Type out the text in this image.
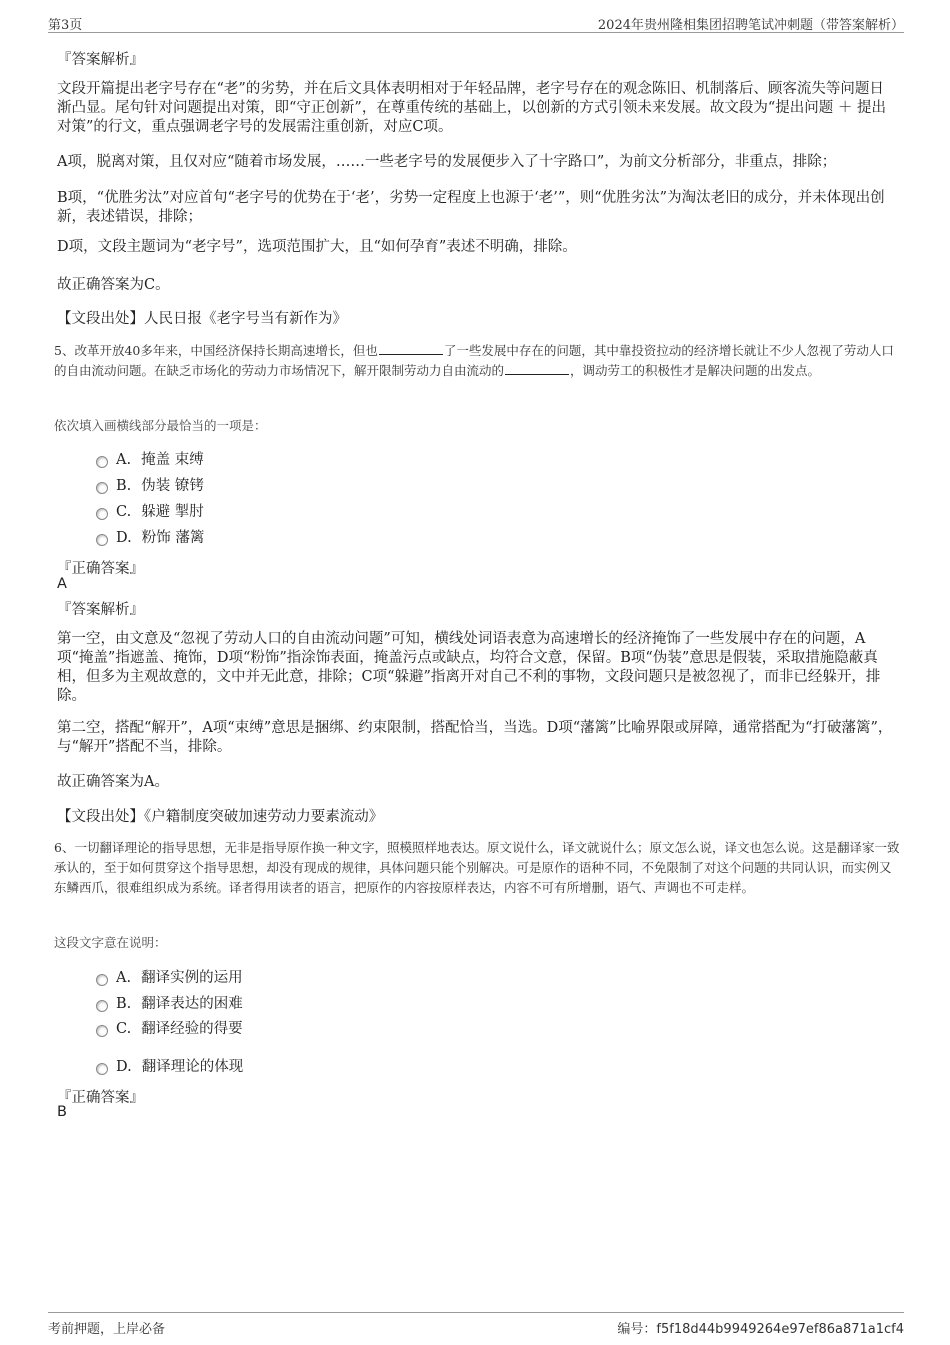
第3页	2024年贵州隆相集团招聘笔试冲刺题（带答案解析）
『答案解析』
文段开篇提出老字号存在“老”的劣势，并在后文具体表明相对于年轻品牌，老字号存在的观念陈旧、机制落后、顾客流失等问题日渐凸显。尾句针对问题提出对策，即“守正创新”，在尊重传统的基础上，以创新的方式引领未来发展。故文段为“提出问题 ＋ 提出对策”的行文，重点强调老字号的发展需注重创新，对应C项。
A项，脱离对策，且仅对应“随着市场发展，……一些老字号的发展便步入了十字路口”，为前文分析部分，非重点，排除；
B项，“优胜劣汰”对应首句“老字号的优势在于‘老’，劣势一定程度上也源于‘老’”，则“优胜劣汰”为淘汰老旧的成分，并未体现出创新，表述错误，排除；
D项，文段主题词为“老字号”，选项范围扩大，且“如何孕育”表述不明确，排除。
故正确答案为C。
【文段出处】人民日报《老字号当有新作为》
5、改革开放40多年来，中国经济保持长期高速增长，但也	了一些发展中存在的问题，其中靠投资拉动的经济增长就让不少人忽视了劳动人口的自由流动问题。在缺乏市场化的劳动力市场情况下，解开限制劳动力自由流动的	，调动劳工的积极性才是解决问题的出发点。
依次填入画横线部分最恰当的一项是：
A. 掩盖 束缚
B. 伪装 镣铐
C. 躲避 掣肘
D. 粉饰 藩篱
『正确答案』
A
『答案解析』
第一空，由文意及“忽视了劳动人口的自由流动问题”可知，横线处词语表意为高速增长的经济掩饰了一些发展中存在的问题，A项“掩盖”指遮盖、掩饰，D项“粉饰”指涂饰表面，掩盖污点或缺点，均符合文意，保留。B项“伪装”意思是假装，采取措施隐蔽真相，但多为主观故意的，文中并无此意，排除；C项“躲避”指离开对自己不利的事物，文段问题只是被忽视了，而非已经躲开，排除。
第二空，搭配“解开”，A项“束缚”意思是捆绑、约束限制，搭配恰当，当选。D项“藩篱”比喻界限或屏障，通常搭配为“打破藩篱”，与“解开”搭配不当，排除。
故正确答案为A。
【文段出处】《户籍制度突破加速劳动力要素流动》
6、一切翻译理论的指导思想，无非是指导原作换一种文字，照模照样地表达。原文说什么，译文就说什么；原文怎么说，译文也怎么说。这是翻译家一致承认的，至于如何贯穿这个指导思想，却没有现成的规律，具体问题只能个别解决。可是原作的语种不同，不免限制了对这个问题的共同认识，而实例又东鳞西爪，很难组织成为系统。译者得用读者的语言，把原作的内容按原样表达，内容不可有所增删，语气、声调也不可走样。
这段文字意在说明：
A. 翻译实例的运用
B. 翻译表达的困难
C. 翻译经验的得要
D. 翻译理论的体现
『正确答案』
B
考前押题，上岸必备	编号：f5f18d44b9949264e97ef86a871a1cf4
